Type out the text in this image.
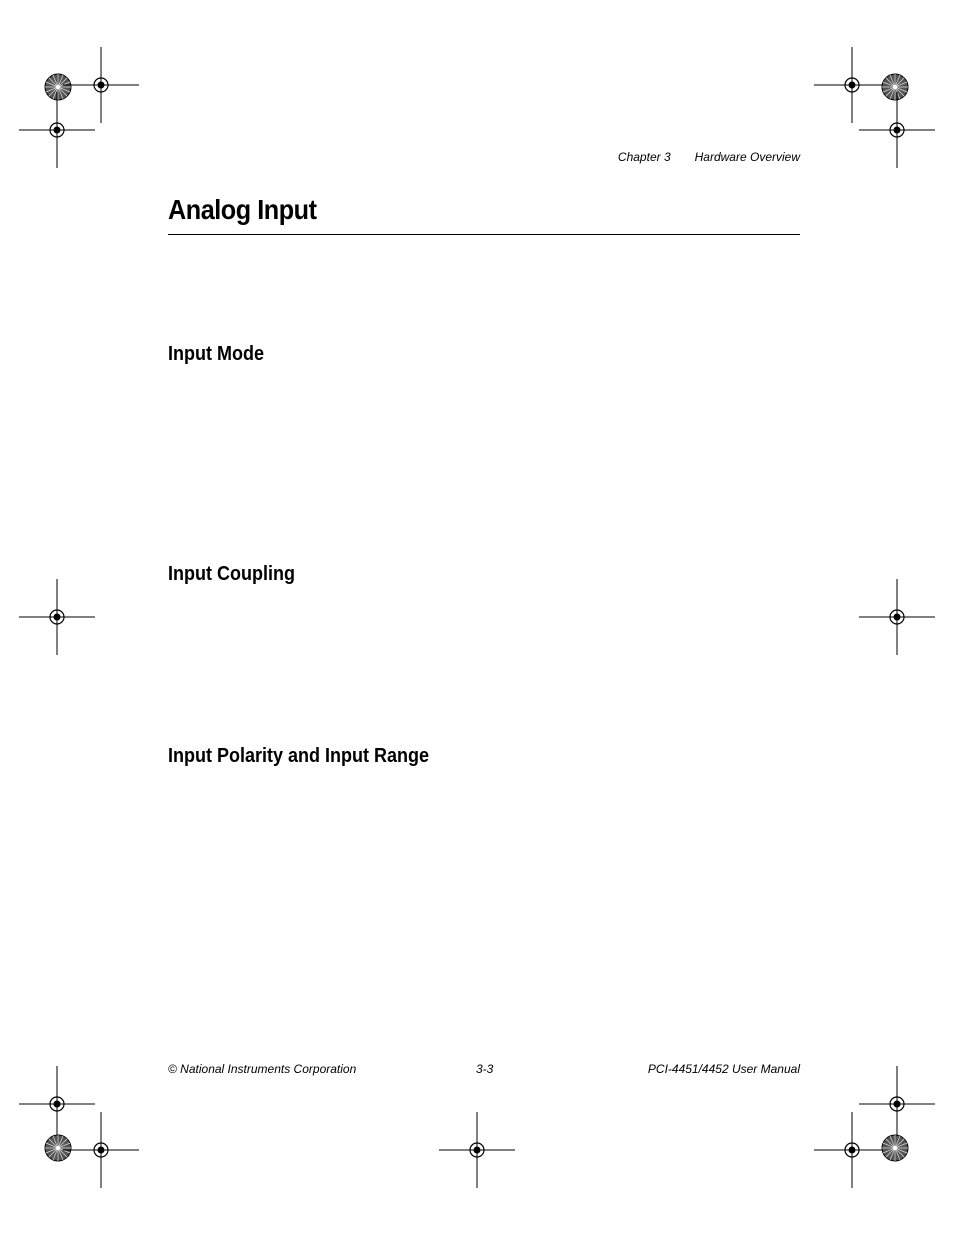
Chapter 3 Hardware Overview
Analog Input
Input Mode
Input Coupling
Input Polarity and Input Range
© National Instruments Corporation	3-3	PCI-4451/4452 User Manual
